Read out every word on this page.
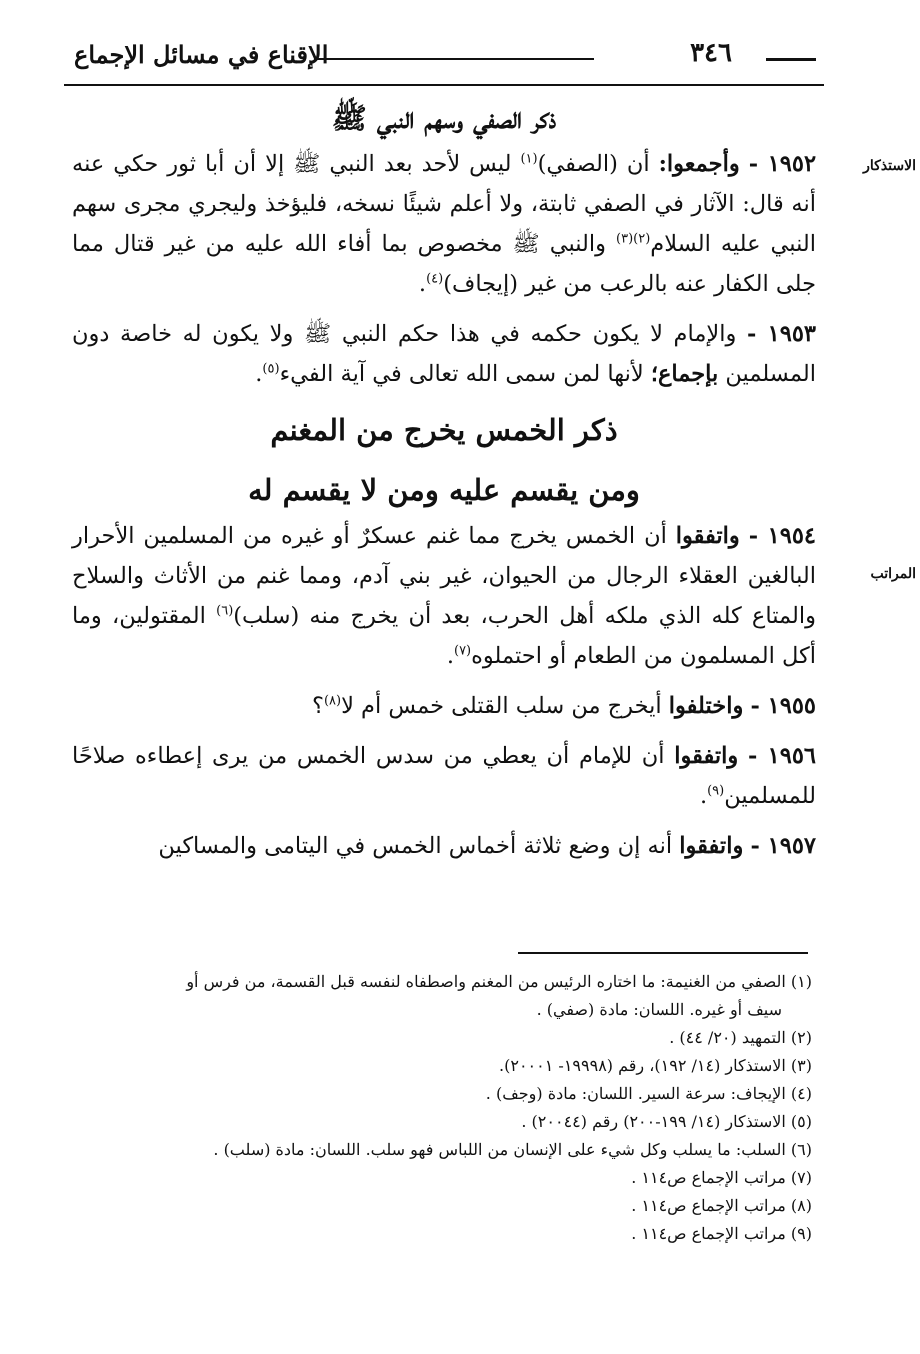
٣٤٦
الإقناع في مسائل الإجماع
الاستذكار
المراتب
ذكر الصفي وسهم النبي ﷺ

١٩٥٢ - وأجمعوا: أن (الصفي)$^{(١)}$ ليس لأحد بعد النبي ﷺ إلا أن أبا ثور حكي عنه أنه قال: الآثار في الصفي ثابتة، ولا أعلم شيئًا نسخه، فليؤخذ وليجري مجرى سهم النبي عليه السلام$^{(٢)(٣)}$ والنبي ﷺ مخصوص بما أفاء الله عليه من غير قتال مما جلى الكفار عنه بالرعب من غير (إيجاف)$^{(٤)}$.

١٩٥٣ - والإمام لا يكون حكمه في هذا حكم النبي ﷺ ولا يكون له خاصة دون المسلمين بإجماع؛ لأنها لمن سمى الله تعالى في آية الفيء$^{(٥)}$.

ذكر الخمس يخرج من المغنم
ومن يقسم عليه ومن لا يقسم له

١٩٥٤ - واتفقوا أن الخمس يخرج مما غنم عسكرٌ أو غيره من المسلمين الأحرار البالغين العقلاء الرجال من الحيوان، غير بني آدم، ومما غنم من الأثاث والسلاح والمتاع كله الذي ملكه أهل الحرب، بعد أن يخرج منه (سلب)$^{(٦)}$ المقتولين، وما أكل المسلمون من الطعام أو احتملوه$^{(٧)}$.

١٩٥٥ - واختلفوا أيخرج من سلب القتلى خمس أم لا$^{(٨)}$؟

١٩٥٦ - واتفقوا أن للإمام أن يعطي من سدس الخمس من يرى إعطاءه صلاحًا للمسلمين$^{(٩)}$.

١٩٥٧ - واتفقوا أنه إن وضع ثلاثة أخماس الخمس في اليتامى والمساكين

(١) الصفي من الغنيمة: ما اختاره الرئيس من المغنم واصطفاه لنفسه قبل القسمة، من فرس أو

سيف أو غيره. اللسان: مادة (صفي) .

(٢) التمهيد (٢٠/ ٤٤) .

(٣) الاستذكار (١٤/ ١٩٢)، رقم (١٩٩٩٨- ٢٠٠٠١).

(٤) الإيجاف: سرعة السير. اللسان: مادة (وجف) .

(٥) الاستذكار (١٤/ ١٩٩-٢٠٠) رقم (٢٠٠٤٤) .

(٦) السلب: ما يسلب وكل شيء على الإنسان من اللباس فهو سلب. اللسان: مادة (سلب) .

(٧) مراتب الإجماع ص١١٤ .

(٨) مراتب الإجماع ص١١٤ .

(٩) مراتب الإجماع ص١١٤ .
